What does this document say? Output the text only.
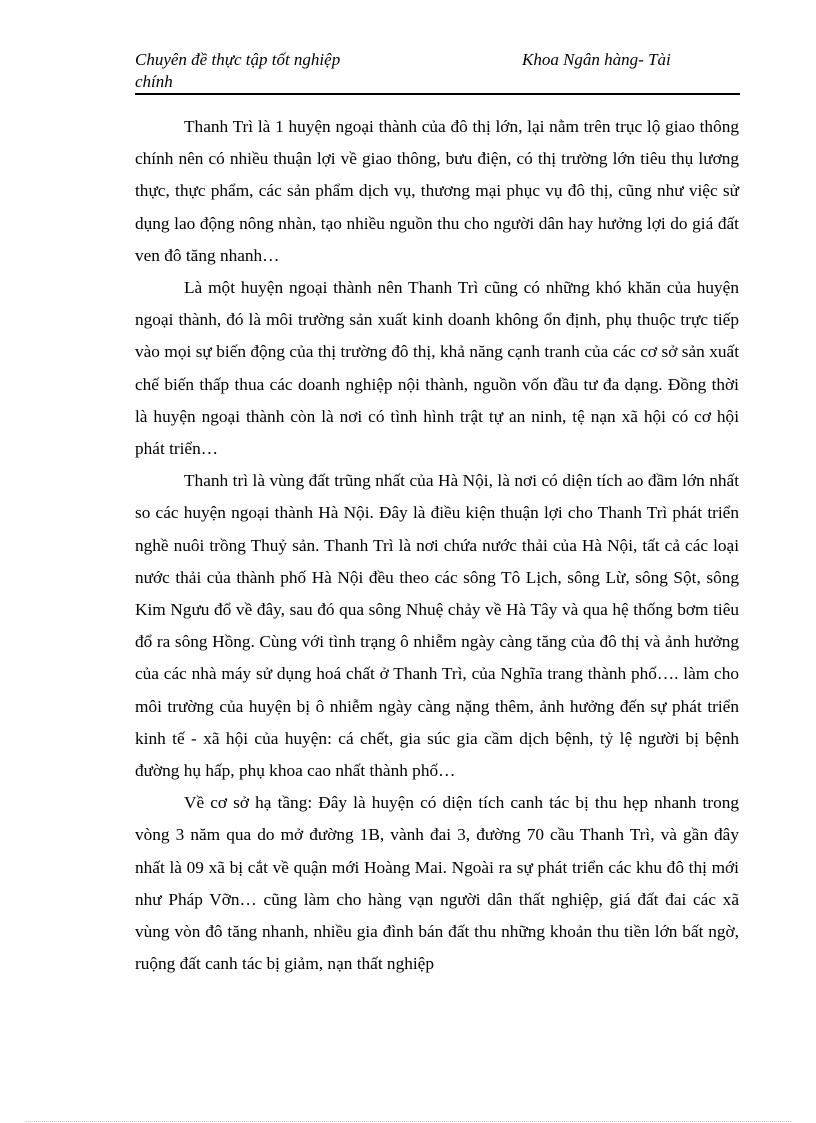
Chuyên đề thực tập tốt nghiệp	Khoa Ngân hàng- Tài
chính

Thanh Trì là 1 huyện ngoại thành của đô thị lớn, lại nằm trên trục lộ giao thông chính nên có nhiều thuận lợi về giao thông, bưu điện, có thị trường lớn tiêu thụ lương thực, thực phẩm, các sản phẩm dịch vụ, thương mại phục vụ đô thị, cũng như việc sử dụng lao động nông nhàn, tạo nhiều nguồn thu cho người dân hay hưởng lợi do giá đất ven đô tăng nhanh…

Là một huyện ngoại thành nên Thanh Trì cũng có những khó khăn của huyện ngoại thành, đó là môi trường sản xuất kinh doanh không ổn định, phụ thuộc trực tiếp vào mọi sự biến động của thị trường đô thị, khả năng cạnh tranh của các cơ sở sản xuất chế biến thấp thua các doanh nghiệp nội thành, nguồn vốn đầu tư đa dạng. Đồng thời là huyện ngoại thành còn là nơi có tình hình trật tự an ninh, tệ nạn xã hội có cơ hội phát triển…

Thanh trì là vùng đất trũng nhất của Hà Nội, là nơi có diện tích ao đầm lớn nhất so các huyện ngoại thành Hà Nội. Đây là điều kiện thuận lợi cho Thanh Trì phát triển nghề nuôi trồng Thuỷ sản. Thanh Trì là nơi chứa nước thải của Hà Nội, tất cả các loại nước thải của thành phố Hà Nội đều theo các sông Tô Lịch, sông Lừ, sông Sột, sông Kim Ngưu đổ về đây, sau đó qua sông Nhuệ chảy về Hà Tây và qua hệ thống bơm tiêu đổ ra sông Hồng. Cùng với tình trạng ô nhiễm ngày càng tăng của đô thị và ảnh hưởng của các nhà máy sử dụng hoá chất ở Thanh Trì, của Nghĩa trang thành phố…. làm cho môi trường của huyện bị ô nhiễm ngày càng nặng thêm, ảnh hưởng đến sự phát triển kinh tế - xã hội của huyện: cá chết, gia súc gia cầm dịch bệnh, tỷ lệ người bị bệnh đường hụ hấp, phụ khoa cao nhất thành phố…

Về cơ sở hạ tầng: Đây là huyện có diện tích canh tác bị thu hẹp nhanh trong vòng 3 năm qua do mở đường 1B, vành đai 3, đường 70 cầu Thanh Trì, và gần đây nhất là 09 xã bị cắt về quận mới Hoàng Mai. Ngoài ra sự phát triển các khu đô thị mới như Pháp Vỡn… cũng làm cho hàng vạn người dân thất nghiệp, giá đất đai các xã vùng vòn đô tăng nhanh, nhiều gia đình bán đất thu những khoản thu tiền lớn bất ngờ, ruộng đất canh tác bị giảm, nạn thất nghiệp
